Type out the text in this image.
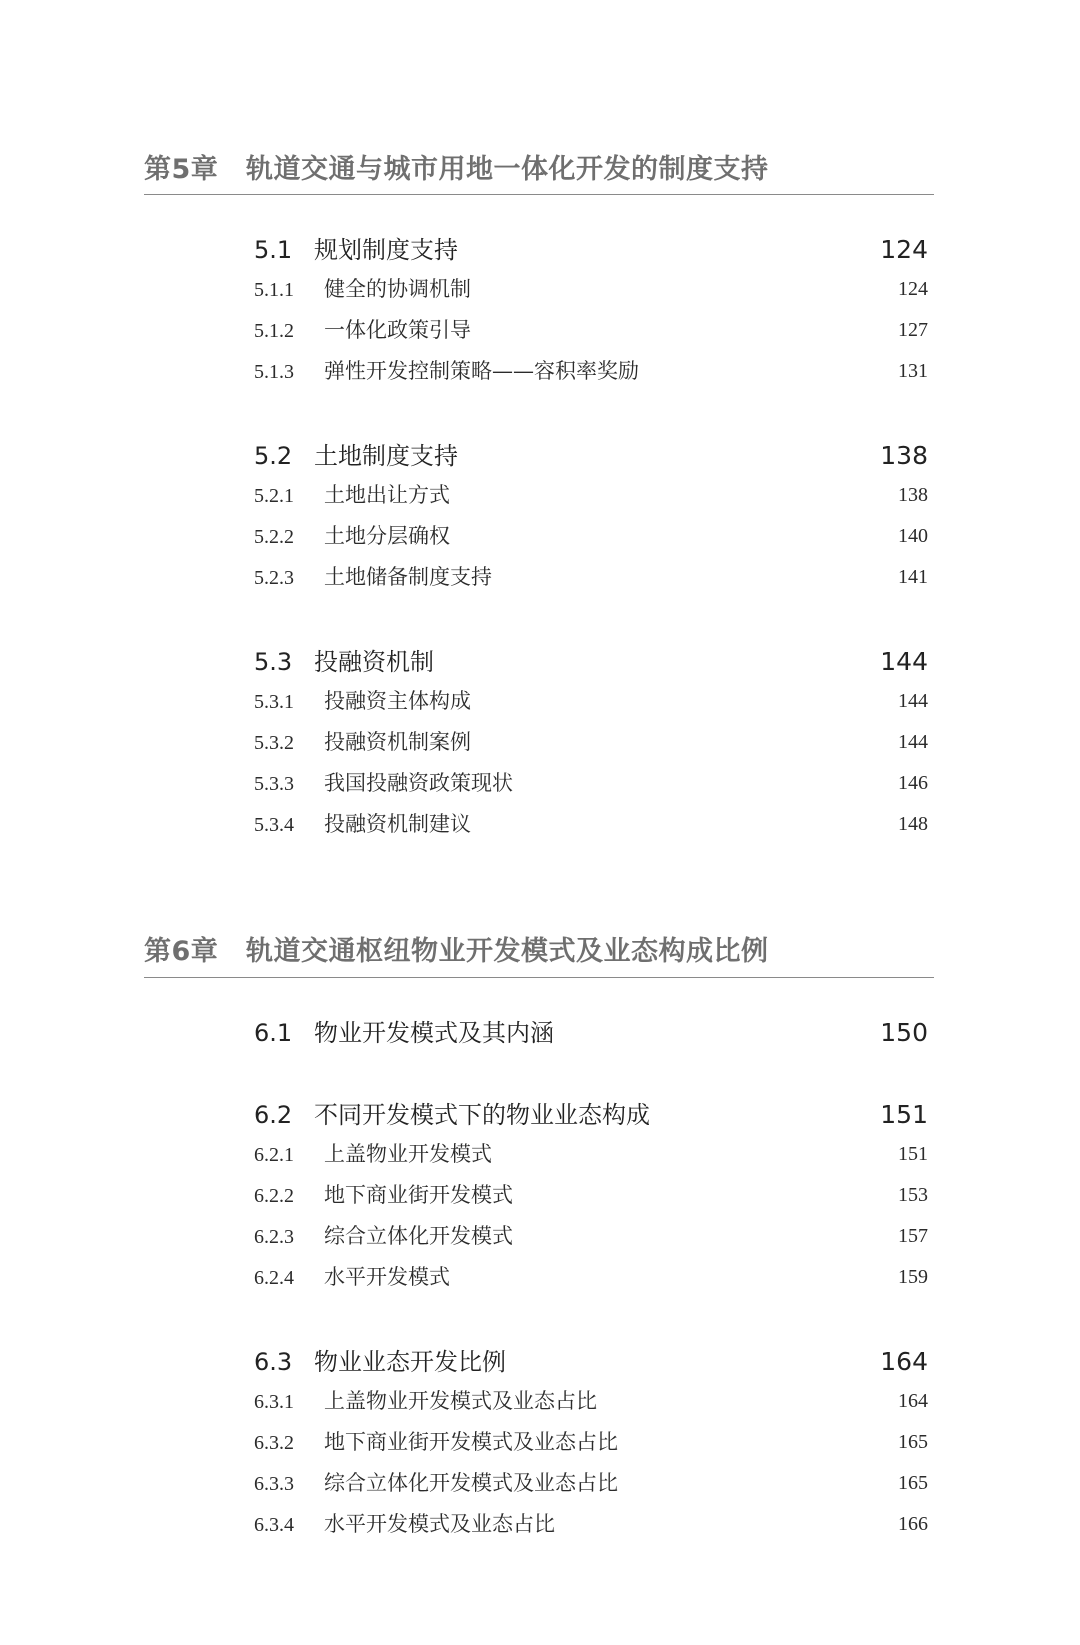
第5章 轨道交通与城市用地一体化开发的制度支持
5.1 规划制度支持	124
5.1.1 健全的协调机制	124
5.1.2 一体化政策引导	127
5.1.3 弹性开发控制策略——容积率奖励	131
5.2 土地制度支持	138
5.2.1 土地出让方式	138
5.2.2 土地分层确权	140
5.2.3 土地储备制度支持	141
5.3 投融资机制	144
5.3.1 投融资主体构成	144
5.3.2 投融资机制案例	144
5.3.3 我国投融资政策现状	146
5.3.4 投融资机制建议	148
第6章 轨道交通枢纽物业开发模式及业态构成比例
6.1 物业开发模式及其内涵	150
6.2 不同开发模式下的物业业态构成	151
6.2.1 上盖物业开发模式	151
6.2.2 地下商业街开发模式	153
6.2.3 综合立体化开发模式	157
6.2.4 水平开发模式	159
6.3 物业业态开发比例	164
6.3.1 上盖物业开发模式及业态占比	164
6.3.2 地下商业街开发模式及业态占比	165
6.3.3 综合立体化开发模式及业态占比	165
6.3.4 水平开发模式及业态占比	166
